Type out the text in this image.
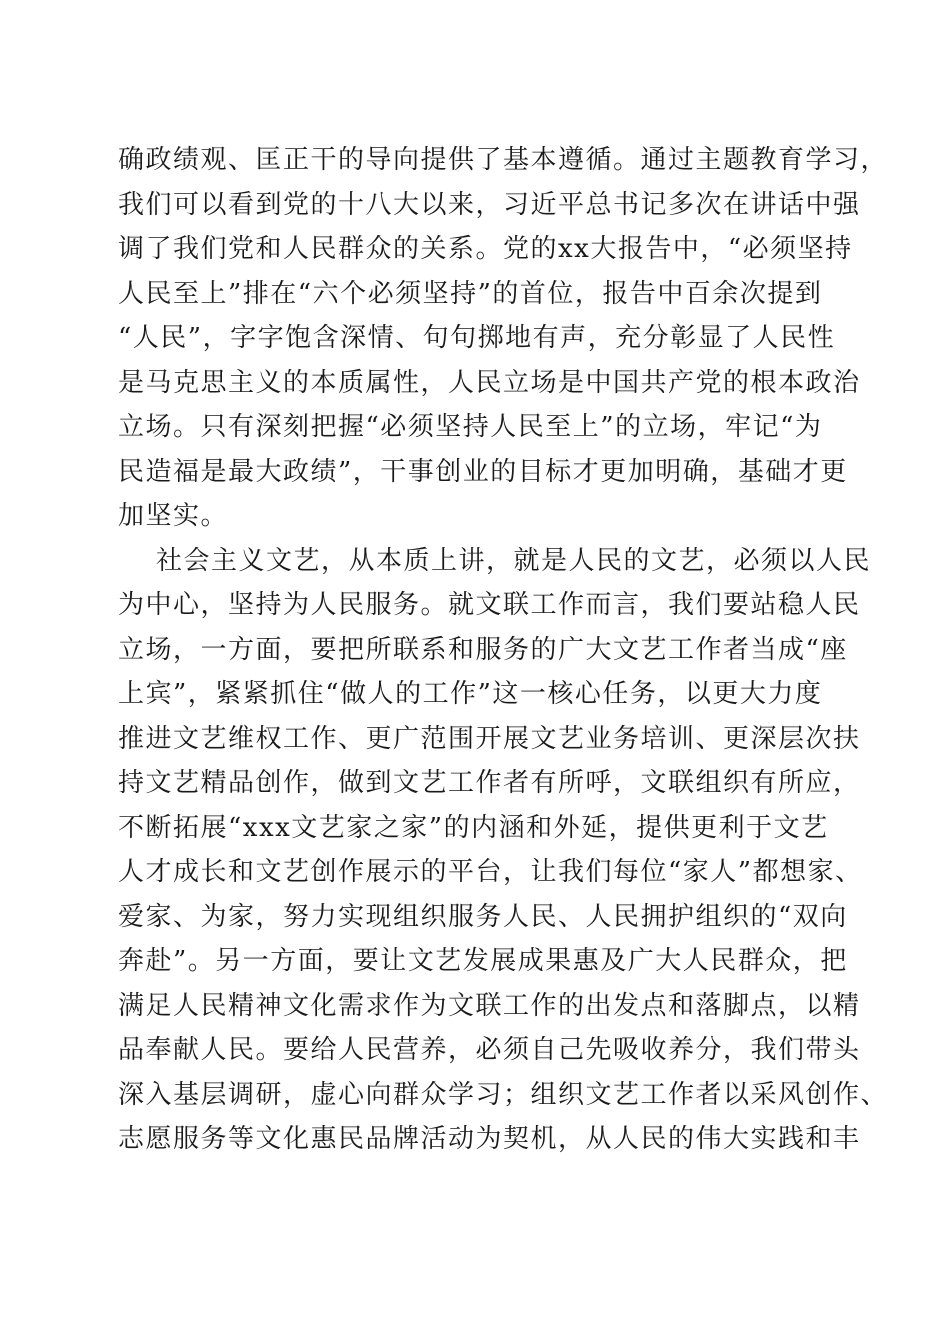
确政绩观、匡正干的导向提供了基本遵循。通过主题教育学习，
我们可以看到党的十八大以来，习近平总书记多次在讲话中强
调了我们党和人民群众的关系。党的xx大报告中，“必须坚持
人民至上”排在“六个必须坚持”的首位，报告中百余次提到
“人民”，字字饱含深情、句句掷地有声，充分彰显了人民性
是马克思主义的本质属性，人民立场是中国共产党的根本政治
立场。只有深刻把握“必须坚持人民至上”的立场，牢记“为
民造福是最大政绩”，干事创业的目标才更加明确，基础才更
加坚实。
社会主义文艺，从本质上讲，就是人民的文艺，必须以人民
为中心，坚持为人民服务。就文联工作而言，我们要站稳人民
立场，一方面，要把所联系和服务的广大文艺工作者当成“座
上宾”，紧紧抓住“做人的工作”这一核心任务，以更大力度
推进文艺维权工作、更广范围开展文艺业务培训、更深层次扶
持文艺精品创作，做到文艺工作者有所呼，文联组织有所应，
不断拓展“xxx文艺家之家”的内涵和外延，提供更利于文艺
人才成长和文艺创作展示的平台，让我们每位“家人”都想家、
爱家、为家，努力实现组织服务人民、人民拥护组织的“双向
奔赴”。另一方面，要让文艺发展成果惠及广大人民群众，把
满足人民精神文化需求作为文联工作的出发点和落脚点，以精
品奉献人民。要给人民营养，必须自己先吸收养分，我们带头
深入基层调研，虚心向群众学习；组织文艺工作者以采风创作、
志愿服务等文化惠民品牌活动为契机，从人民的伟大实践和丰
